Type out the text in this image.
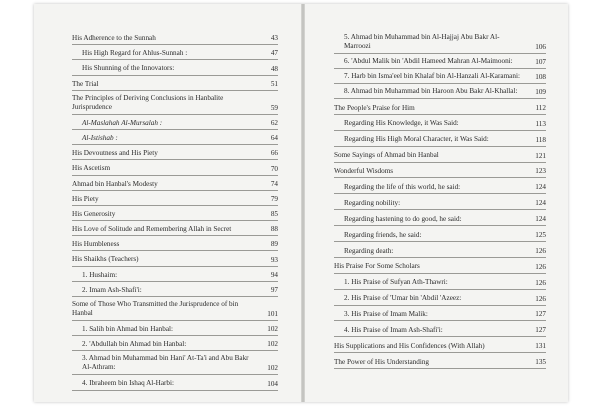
His Adherence to the Sunnah	43
His High Regard for Ahlus-Sunnah :	47
His Shunning of the Innovators:	48
The Trial	51
The Principles of Deriving Conclusions in Hanbalite Jurisprudence	59
Al-Maslahah Al-Mursalah :	62
Al-Istishab :	64
His Devoutness and His Piety	66
His Ascetism	70
Ahmad bin Hanbal's Modesty	74
His Piety	79
His Generosity	85
His Love of Solitude and Remembering Allah in Secret	88
His Humbleness	89
His Shaikhs (Teachers)	93
1. Hushaim:	94
2. Imam Ash-Shafi'i:	97
Some of Those Who Transmitted the Jurisprudence of bin Hanbal	101
1. Salih bin Ahmad bin Hanbal:	102
2. 'Abdullah bin Ahmad bin Hanbal:	102
3. Ahmad bin Muhammad bin Hani' At-Ta'i and Abu Bakr Al-Athram:	102
4. Ibraheem bin Ishaq Al-Harbi:	104
5. Ahmad bin Muhammad bin Al-Hajjaj Abu Bakr Al-Marroozi	106
6. 'Abdul Malik bin 'Abdil Hameed Mahran Al-Maimooni:	107
7. Harb bin Isma'eel bin Khalaf bin Al-Hanzali Al-Karamani:	108
8. Ahmad bin Muhammad bin Haroon Abu Bakr Al-Khallal:	109
The People's Praise for Him	112
Regarding His Knowledge, it Was Said:	113
Regarding His High Moral Character, it Was Said:	118
Some Sayings of Ahmad bin Hanbal	121
Wonderful Wisdoms	123
Regarding the life of this world, he said:	124
Regarding nobility:	124
Regarding hastening to do good, he said:	124
Regarding friends, he said:	125
Regarding death:	126
His Praise For Some Scholars	126
1. His Praise of Sufyan Ath-Thawri:	126
2. His Praise of 'Umar bin 'Abdil 'Azeez:	126
3. His Praise of Imam Malik:	127
4. His Praise of Imam Ash-Shafi'i:	127
His Supplications and His Confidences (With Allah)	131
The Power of His Understanding	135
